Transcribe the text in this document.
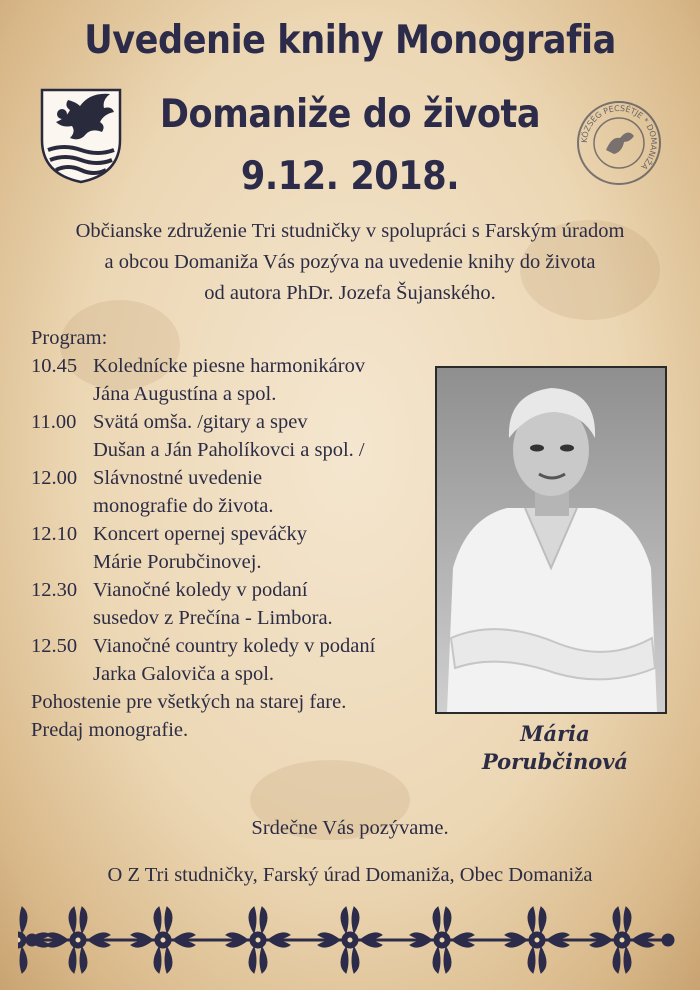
KÖZSÉG PECSÉTJE * DOMANIŽA
Uvedenie knihy Monografia
Domaniže do života
9.12. 2018.
Občianske združenie Tri studničky v spolupráci s Farským úradom
a obcou Domaniža Vás pozýva na uvedenie knihy do života
od autora PhDr. Jozefa Šujanského.
Program:
10.45 Koledníckе piesne harmonikárov
Jána Augustína a spol.
11.00 Svätá omša. /gitary a spev
Dušan a Ján Paholíkovci a spol. /
12.00 Slávnostné uvedenie
monografie do života.
12.10 Koncert opernej speváčky
Márie Porubčinovej.
12.30 Vianočné koledy v podaní
susedov z Prečína - Limbora.
12.50 Vianočné country koledy v podaní
Jarka Galoviča a spol.
Pohostenie pre všetkých na starej fare.
Predaj monografie.	Mária
Porubčinová
Srdečne Vás pozývame.
O Z Tri studničky, Farský úrad Domaniža, Obec Domaniža
